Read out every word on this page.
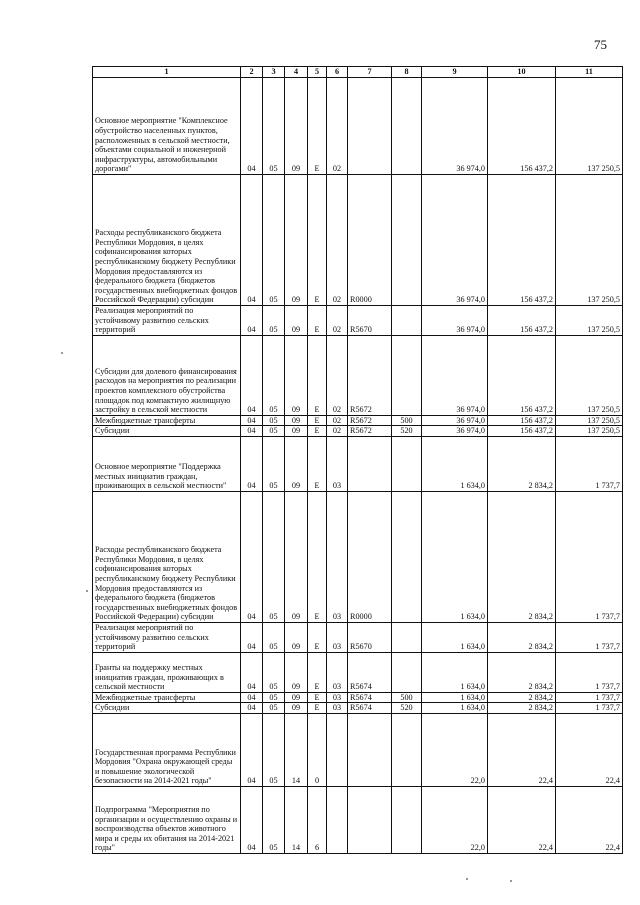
75
1	2	3	4	5	6	7	8	9	10	11
Основное мероприятие "Комплексное обустройство населенных пунктов, расположенных в сельской местности, объектами социальной и инженерной инфраструктуры, автомобильными дорогами"	04	05	09	Е	02			36 974,0	156 437,2	137 250,5
Расходы республиканского бюджета Республики Мордовия, в целях софинансирования которых республиканскому бюджету Республики Мордовия предоставляются из федерального бюджета (бюджетов государственных внебюджетных фондов Российской Федерации) субсидии	04	05	09	Е	02	R0000		36 974,0	156 437,2	137 250,5
Реализация мероприятий по устойчивому развитию сельских территорий	04	05	09	Е	02	R5670		36 974,0	156 437,2	137 250,5
Субсидии для долевого финансирования расходов на мероприятия по реализации проектов комплексного обустройства площадок под компактную жилищную застройку в сельской местности	04	05	09	Е	02	R5672		36 974,0	156 437,2	137 250,5
Межбюджетные трансферты	04	05	09	Е	02	R5672	500	36 974,0	156 437,2	137 250,5
Субсидии	04	05	09	Е	02	R5672	520	36 974,0	156 437,2	137 250,5
Основное мероприятие "Поддержка местных инициатив граждан, проживающих в сельской местности"	04	05	09	Е	03			1 634,0	2 834,2	1 737,7
Расходы республиканского бюджета Республики Мордовия, в целях софинансирования которых республиканскому бюджету Республики Мордовия предоставляются из федерального бюджета (бюджетов государственных внебюджетных фондов Российской Федерации) субсидии	04	05	09	Е	03	R0000		1 634,0	2 834,2	1 737,7
Реализация мероприятий по устойчивому развитию сельских территорий	04	05	09	Е	03	R5670		1 634,0	2 834,2	1 737,7
Гранты на поддержку местных инициатив граждан, проживающих в сельской местности	04	05	09	Е	03	R5674		1 634,0	2 834,2	1 737,7
Межбюджетные трансферты	04	05	09	Е	03	R5674	500	1 634,0	2 834,2	1 737,7
Субсидии	04	05	09	Е	03	R5674	520	1 634,0	2 834,2	1 737,7
Государственная программа Республики Мордовия "Охрана окружающей среды и повышение экологической безопасности на 2014-2021 годы"	04	05	14	0				22,0	22,4	22,4
Подпрограмма "Мероприятия по организации и осуществлению охраны и воспроизводства объектов животного мира и среды их обитания на 2014-2021 годы"	04	05	14	6				22,0	22,4	22,4
